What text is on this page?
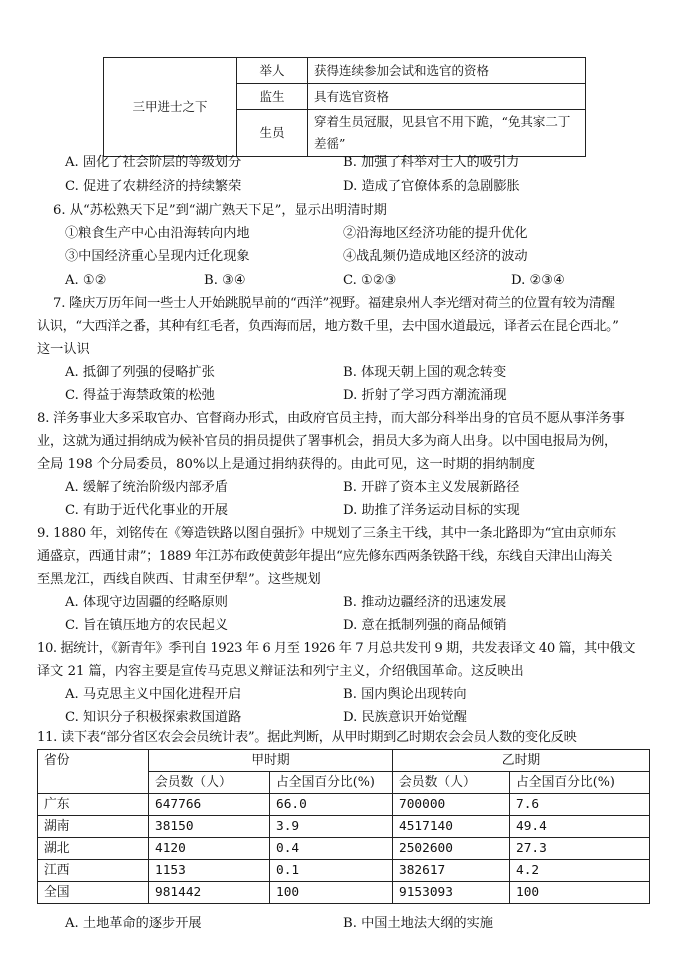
三甲进士之下	举人	获得连续参加会试和选官的资格
	监生	具有选官资格
	生员	穿着生员冠服，见县官不用下跪，“免其家二丁差徭”
A. 固化了社会阶层的等级划分	B. 加强了科举对士人的吸引力
C. 促进了农耕经济的持续繁荣	D. 造成了官僚体系的急剧膨胀
6. 从“苏松熟天下足”到“湖广熟天下足”，显示出明清时期
①粮食生产中心由沿海转向内地	②沿海地区经济功能的提升优化
③中国经济重心呈现内迁化现象	④战乱频仍造成地区经济的波动
A. ①②	B. ③④	C. ①②③	D. ②③④
7. 隆庆万历年间一些士人开始跳脱早前的“西洋”视野。福建泉州人李光缙对荷兰的位置有较为清醒
认识，“大西洋之番，其种有红毛者，负西海而居，地方数千里，去中国水道最远，译者云在昆仑西北。”
这一认识
A. 抵御了列强的侵略扩张	B. 体现天朝上国的观念转变
C. 得益于海禁政策的松弛	D. 折射了学习西方潮流涌现
8. 洋务事业大多采取官办、官督商办形式，由政府官员主持，而大部分科举出身的官员不愿从事洋务事
业，这就为通过捐纳成为候补官员的捐员提供了署事机会，捐员大多为商人出身。以中国电报局为例，
全局 198 个分局委员，80%以上是通过捐纳获得的。由此可见，这一时期的捐纳制度
A. 缓解了统治阶级内部矛盾	B. 开辟了资本主义发展新路径
C. 有助于近代化事业的开展	D. 助推了洋务运动目标的实现
9. 1880 年，刘铭传在《筹造铁路以图自强折》中规划了三条主干线，其中一条北路即为“宜由京师东
通盛京，西通甘肃”；1889 年江苏布政使黄彭年提出“应先修东西两条铁路干线，东线自天津出山海关
至黑龙江，西线自陕西、甘肃至伊犁”。这些规划
A. 体现守边固疆的经略原则	B. 推动边疆经济的迅速发展
C. 旨在镇压地方的农民起义	D. 意在抵制列强的商品倾销
10. 据统计，《新青年》季刊自 1923 年 6 月至 1926 年 7 月总共发刊 9 期，共发表译文 40 篇，其中俄文
译文 21 篇，内容主要是宣传马克思义辩证法和列宁主义，介绍俄国革命。这反映出
A. 马克思主义中国化进程开启	B. 国内舆论出现转向
C. 知识分子积极探索救国道路	D. 民族意识开始觉醒
11. 读下表“部分省区农会会员统计表”。据此判断，从甲时期到乙时期农会会员人数的变化反映
省份	甲时期		乙时期	
	会员数（人）	占全国百分比(%)	会员数（人）	占全国百分比(%)
广东	647766	66.0	700000	7.6
湖南	38150	3.9	4517140	49.4
湖北	4120	0.4	2502600	27.3
江西	1153	0.1	382617	4.2
全国	981442	100	9153093	100
A. 土地革命的逐步开展	B. 中国土地法大纲的实施
